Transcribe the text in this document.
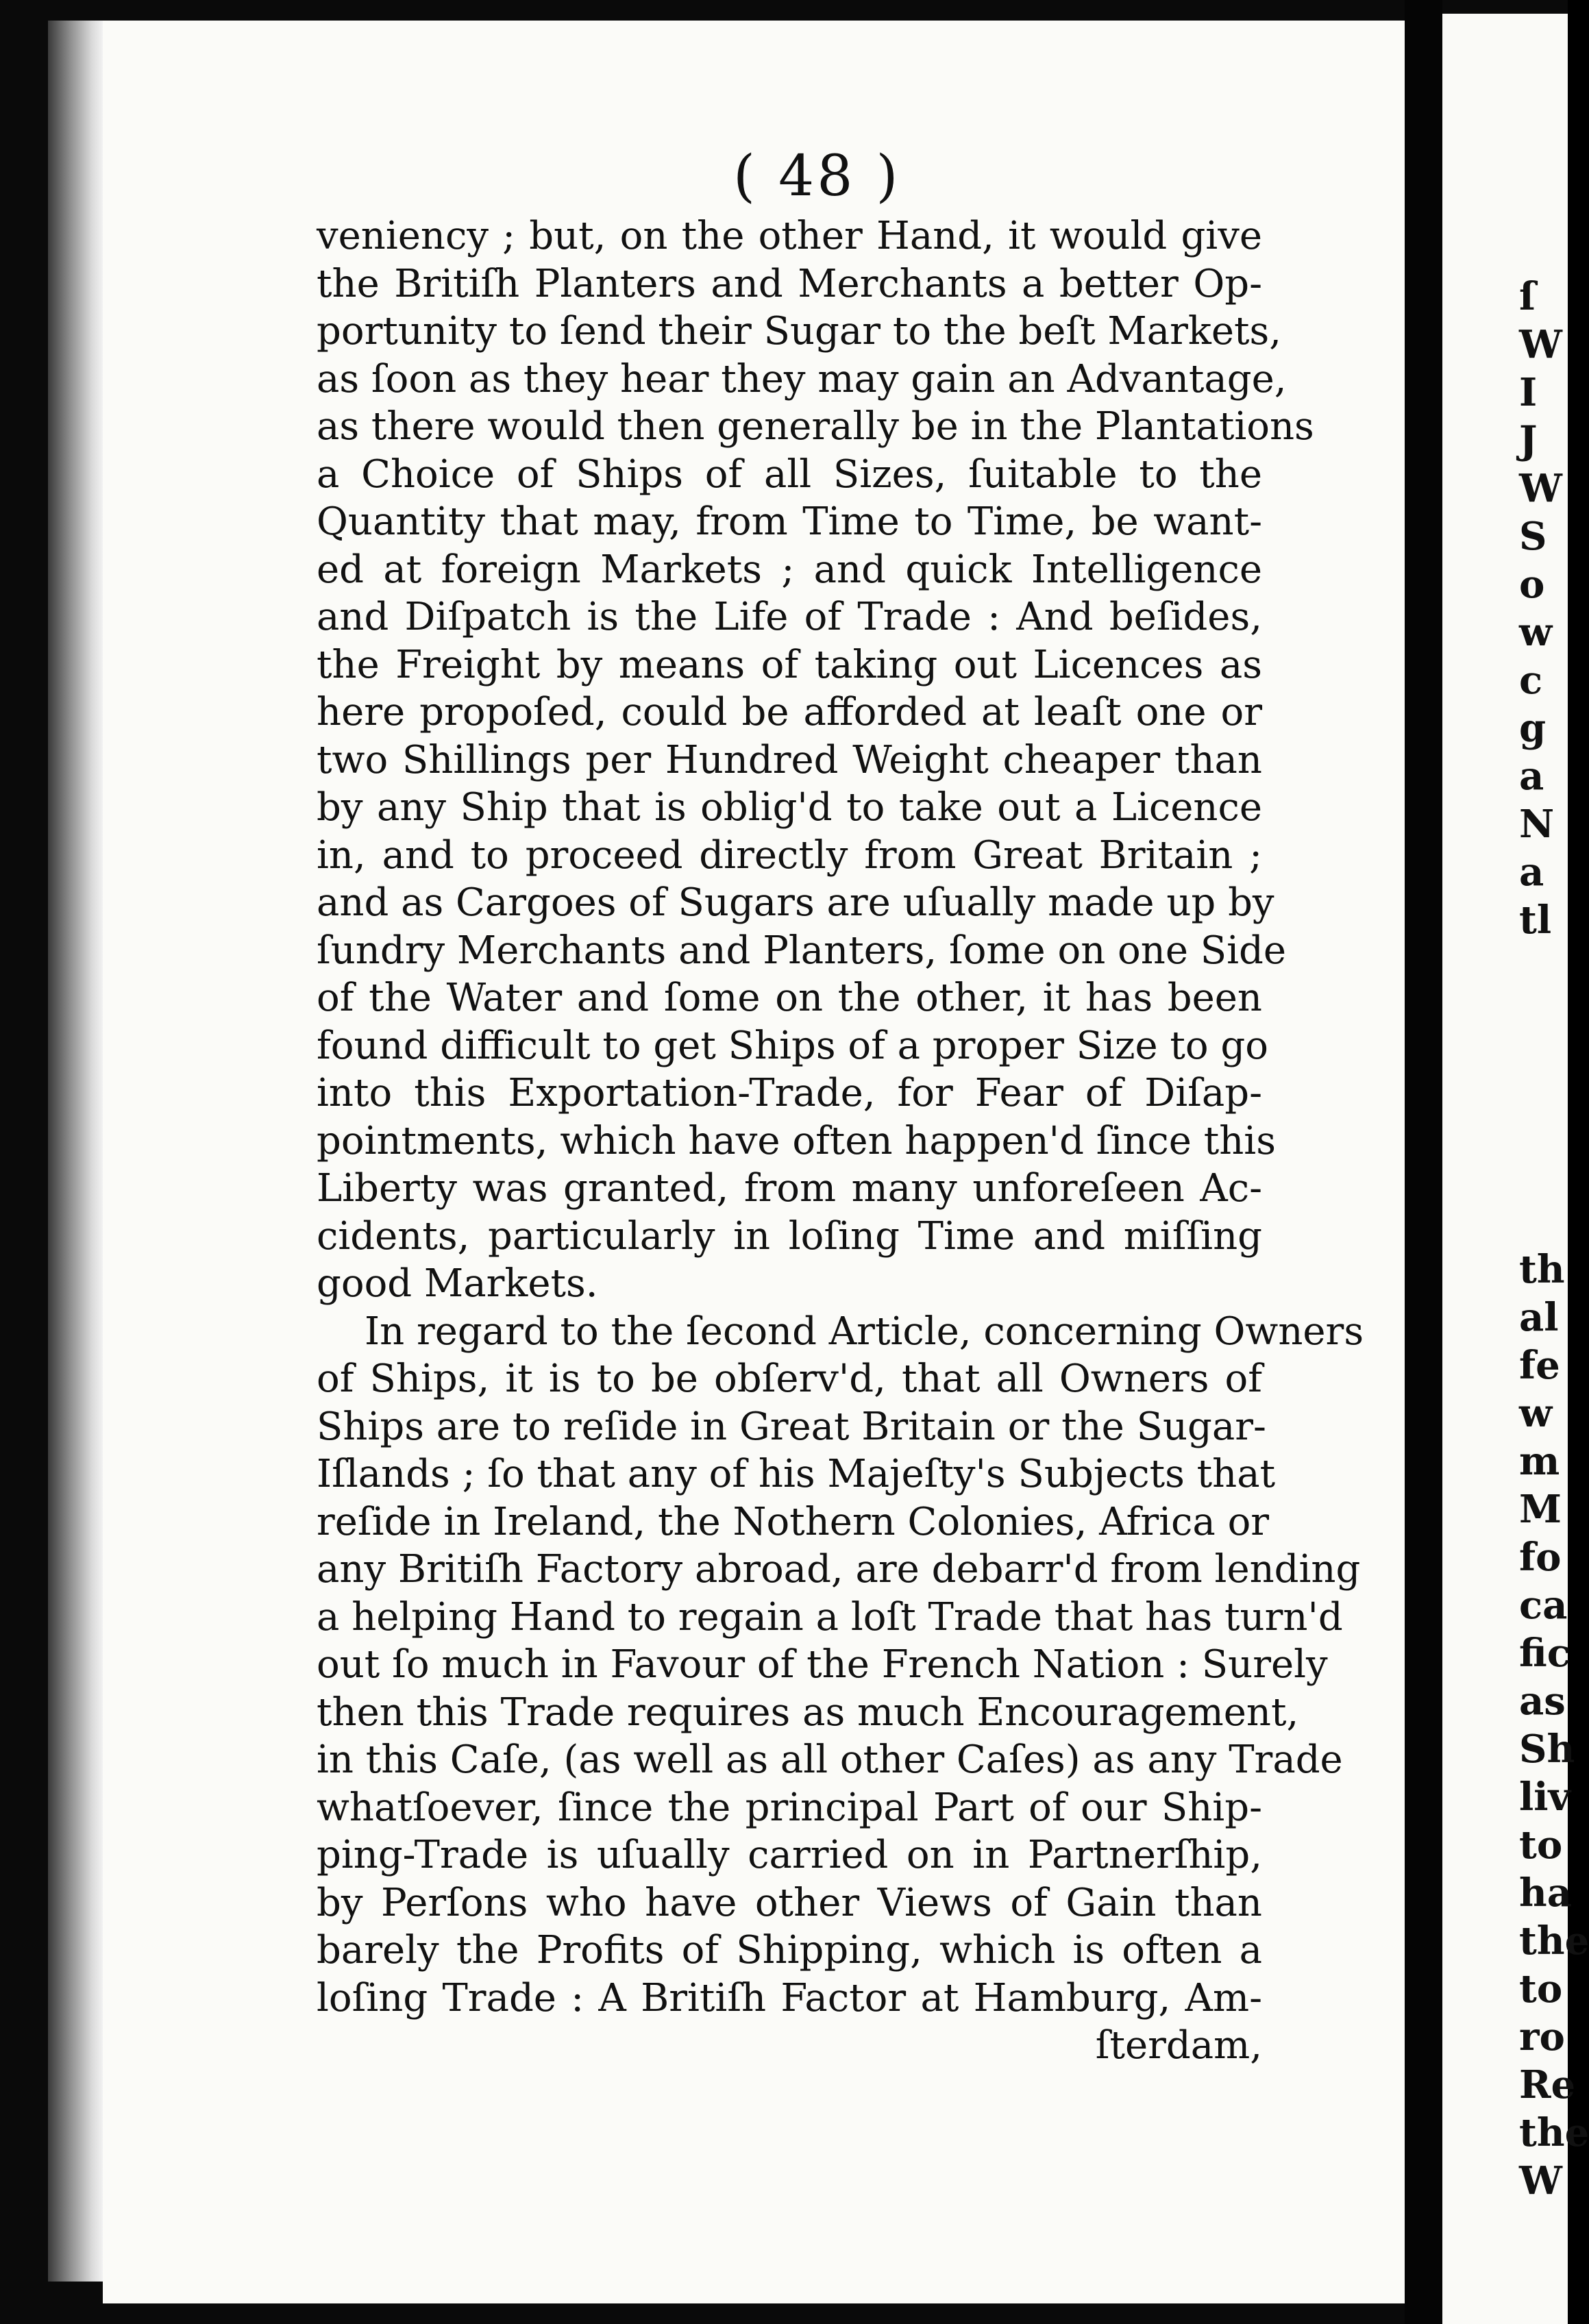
( 48 )
veniency ; but, on the other Hand, it would give
the Britiſh Planters and Merchants a better Op-
portunity to ſend their Sugar to the beſt Markets,
as ſoon as they hear they may gain an Advantage,
as there would then generally be in the Plantations
a Choice of Ships of all Sizes, ſuitable to the
Quantity that may, from Time to Time, be want-
ed at foreign Markets ; and quick Intelligence
and Diſpatch is the Life of Trade : And beſides,
the Freight by means of taking out Licences as
here propoſed, could be afforded at leaſt one or
two Shillings per Hundred Weight cheaper than
by any Ship that is oblig'd to take out a Licence
in, and to proceed directly from Great Britain ;
and as Cargoes of Sugars are uſually made up by
ſundry Merchants and Planters, ſome on one Side
of the Water and ſome on the other, it has been
found difficult to get Ships of a proper Size to go
into this Exportation-Trade, for Fear of Diſap-
pointments, which have often happen'd ſince this
Liberty was granted, from many unforeſeen Ac-
cidents, particularly in loſing Time and miſſing
good Markets.
In regard to the ſecond Article, concerning Owners
of Ships, it is to be obſerv'd, that all Owners of
Ships are to reſide in Great Britain or the Sugar-
Iſlands ; ſo that any of his Majeſty's Subjects that
reſide in Ireland, the Nothern Colonies, Africa or
any Britiſh Factory abroad, are debarr'd from lending
a helping Hand to regain a loſt Trade that has turn'd
out ſo much in Favour of the French Nation : Surely
then this Trade requires as much Encouragement,
in this Caſe, (as well as all other Caſes) as any Trade
whatſoever, ſince the principal Part of our Ship-
ping-Trade is uſually carried on in Partnerſhip,
by Perſons who have other Views of Gain than
barely the Profits of Shipping, which is often a
loſing Trade : A Britiſh Factor at Hamburg, Am-
ſterdam,
ſ
W
I
J
W
S
o
w
c
g
a
N
a
tl
th
al
fe
w
m
M
fo
ca
fic
as
Sh
liv
to
ha
the
to
ro
Re
the
W
